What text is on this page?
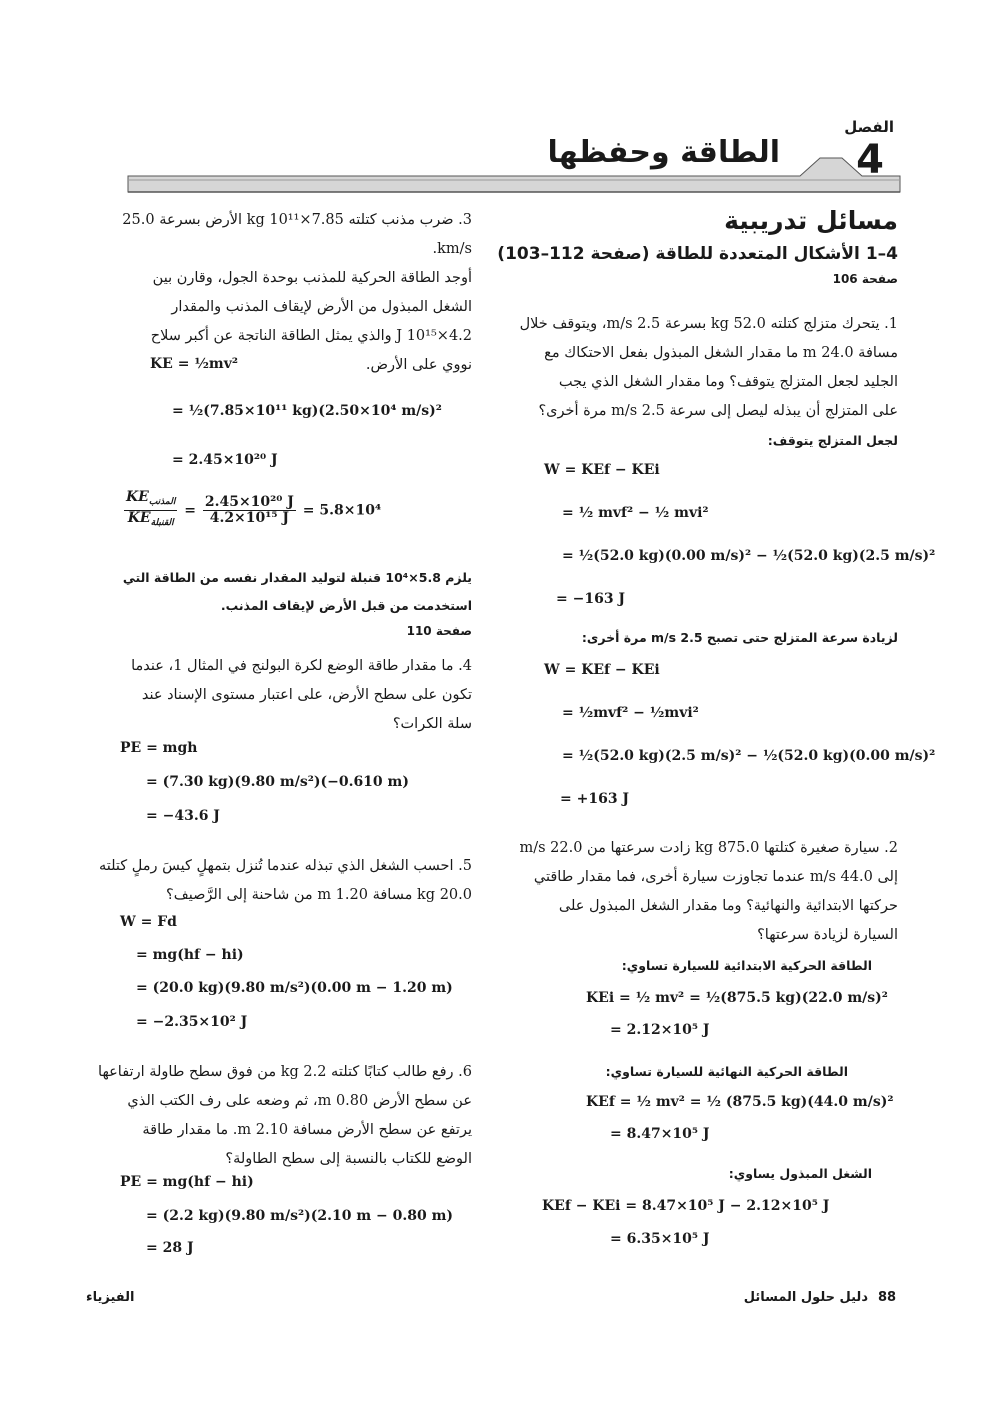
الفصل
4
الطاقة وحفظها
مسائل تدريبية
4–1 الأشكال المتعددة للطاقة (صفحة 112–103)
صفحة 106
1. يتحرك متزلج كتلته 52.0 kg بسرعة 2.5 m/s، ويتوقف خلال
مسافة 24.0 m ما مقدار الشغل المبذول بفعل الاحتكاك مع
الجليد لجعل المتزلج يتوقف؟ وما مقدار الشغل الذي يجب
على المتزلج أن يبذله ليصل إلى سرعة 2.5 m/s مرة أخرى؟
لجعل المتزلج يتوقف:
W = KEf − KEi
= ½ mvf² − ½ mvi²
= ½(52.0 kg)(0.00 m/s)² − ½(52.0 kg)(2.5 m/s)²
= −163 J
لزيادة سرعة المتزلج حتى تصبح 2.5 m/s مرة أخرى:
W = KEf − KEi
= ½mvf² − ½mvi²
= ½(52.0 kg)(2.5 m/s)² − ½(52.0 kg)(0.00 m/s)²
= +163 J
2. سيارة صغيرة كتلتها 875.0 kg زادت سرعتها من 22.0 m/s
إلى 44.0 m/s عندما تجاوزت سيارة أخرى، فما مقدار طاقتي
حركتها الابتدائية والنهائية؟ وما مقدار الشغل المبذول على
السيارة لزيادة سرعتها؟
الطاقة الحركية الابتدائية للسيارة تساوي:
KEi = ½ mv² = ½(875.5 kg)(22.0 m/s)²
= 2.12×10⁵ J
الطاقة الحركية النهائية للسيارة تساوي:
KEf = ½ mv² = ½ (875.5 kg)(44.0 m/s)²
= 8.47×10⁵ J
الشغل المبذول يساوي:
KEf − KEi = 8.47×10⁵ J − 2.12×10⁵ J
= 6.35×10⁵ J
3. ضرب مذنب كتلته 7.85×10¹¹ kg الأرض بسرعة 25.0 km/s.
أوجد الطاقة الحركية للمذنب بوحدة الجول، وقارن بين
الشغل المبذول من الأرض لإيقاف المذنب والمقدار
4.2×10¹⁵ J والذي يمثل الطاقة الناتجة عن أكبر سلاح
نووي على الأرض.
KE = ½mv²
= ½(7.85×10¹¹ kg)(2.50×10⁴ m/s)²
= 2.45×10²⁰ J
$\frac{KE_{المذنب}}{KE_{القنبلة}} = \frac{\text{2.45×10²⁰ J}}{\text{4.2×10¹⁵ J}} = 5.8\times 10^4$
يلزم 5.8×10⁴ قنبلة لتوليد المقدار نفسه من الطاقة التي
استخدمت من قبل الأرض لإيقاف المذنب.
صفحة 110
4. ما مقدار طاقة الوضع لكرة البولنج في المثال 1، عندما
تكون على سطح الأرض، على اعتبار مستوى الإسناد عند
سلة الكرات؟
PE = mgh
= (7.30 kg)(9.80 m/s²)(−0.610 m)
= −43.6 J
5. احسب الشغل الذي تبذله عندما تُنزل بتمهلٍ كيسَ رملٍ كتلته
20.0 kg مسافة 1.20 m من شاحنة إلى الرَّصيف؟
W = Fd
= mg(hf − hi)
= (20.0 kg)(9.80 m/s²)(0.00 m − 1.20 m)
= −2.35×10² J
6. رفع طالب كتابًا كتلته 2.2 kg من فوق سطح طاولة ارتفاعها
عن سطح الأرض 0.80 m، ثم وضعه على رف الكتب الذي
يرتفع عن سطح الأرض مسافة 2.10 m. ما مقدار طاقة
الوضع للكتاب بالنسبة إلى سطح الطاولة؟
PE = mg(hf − hi)
= (2.2 kg)(9.80 m/s²)(2.10 m − 0.80 m)
= 28 J
88
دليل حلول المسائل
الفيزياء
